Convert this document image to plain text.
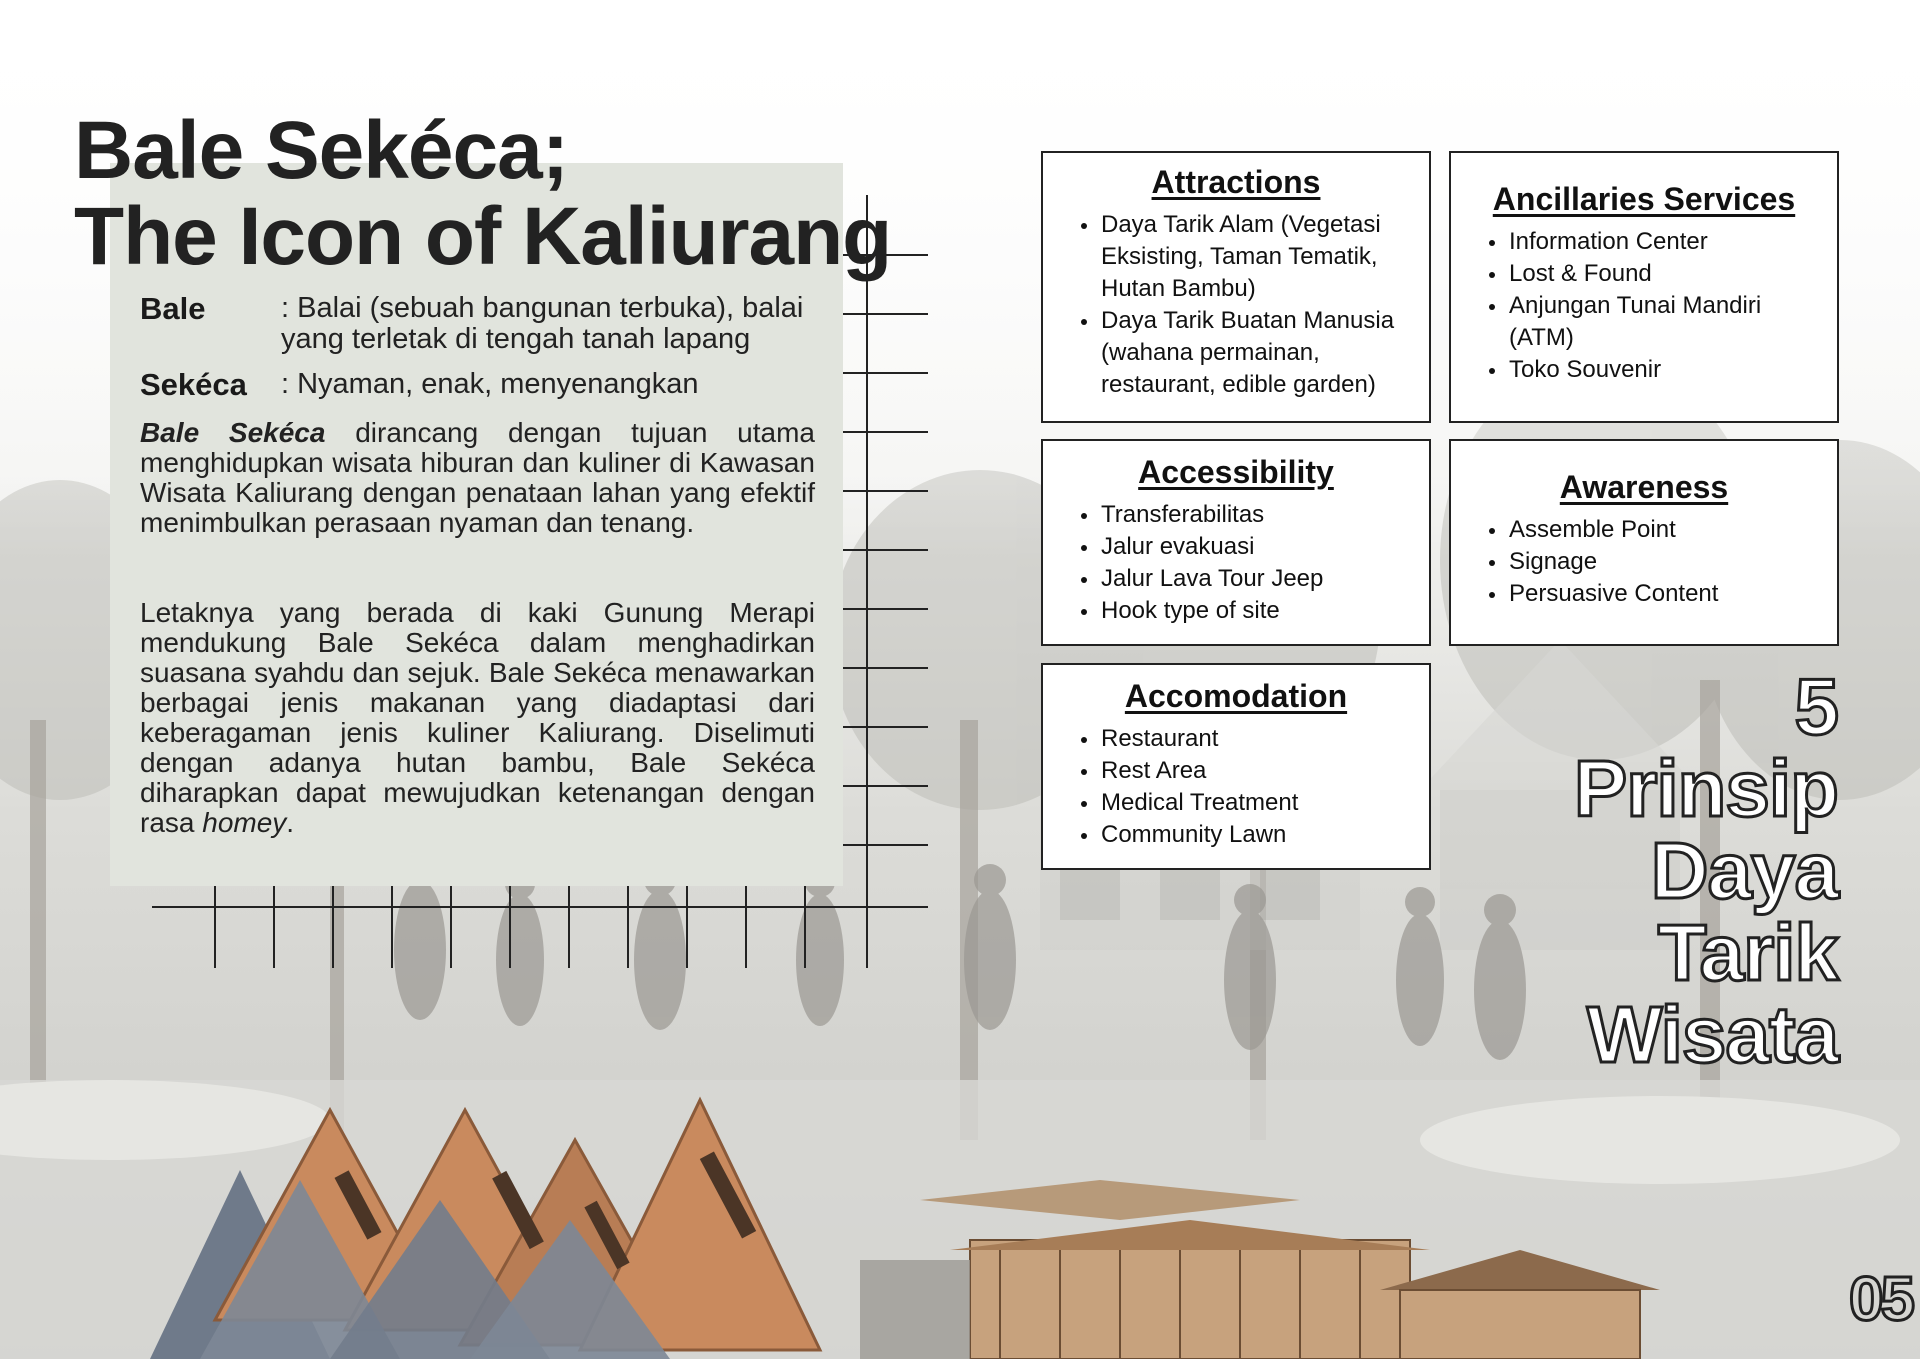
Bale Sekéca;
The Icon of Kaliurang
Bale	: Balai (sebuah bangunan terbuka), balai yang terletak di tengah tanah lapang
Sekéca : Nyaman, enak, menyenangkan

Bale Sekéca dirancang dengan tujuan utama menghidupkan wisata hiburan dan kuliner di Kawasan Wisata Kaliurang dengan penataan lahan yang efektif menimbulkan perasaan nyaman dan tenang.

Letaknya yang berada di kaki Gunung Merapi mendukung Bale Sekéca dalam menghadirkan suasana syahdu dan sejuk. Bale Sekéca menawarkan berbagai jenis makanan yang diadaptasi dari keberagaman jenis kuliner Kaliurang. Diselimuti dengan adanya hutan bambu, Bale Sekéca diharapkan dapat mewujudkan ketenangan dengan rasa homey.

Attractions
Daya Tarik Alam (Vegetasi Eksisting, Taman Tematik, Hutan Bambu)
Daya Tarik Buatan Manusia (wahana permainan, restaurant, edible garden)
Ancillaries Services
Information Center
Lost & Found
Anjungan Tunai Mandiri (ATM)
Toko Souvenir
Accessibility
Transferabilitas
Jalur evakuasi
Jalur Lava Tour Jeep
Hook type of site
Awareness
Assemble Point
Signage
Persuasive Content
Accomodation
Restaurant
Rest Area
Medical Treatment
Community Lawn
5
Prinsip
Daya
Tarik
Wisata
05
